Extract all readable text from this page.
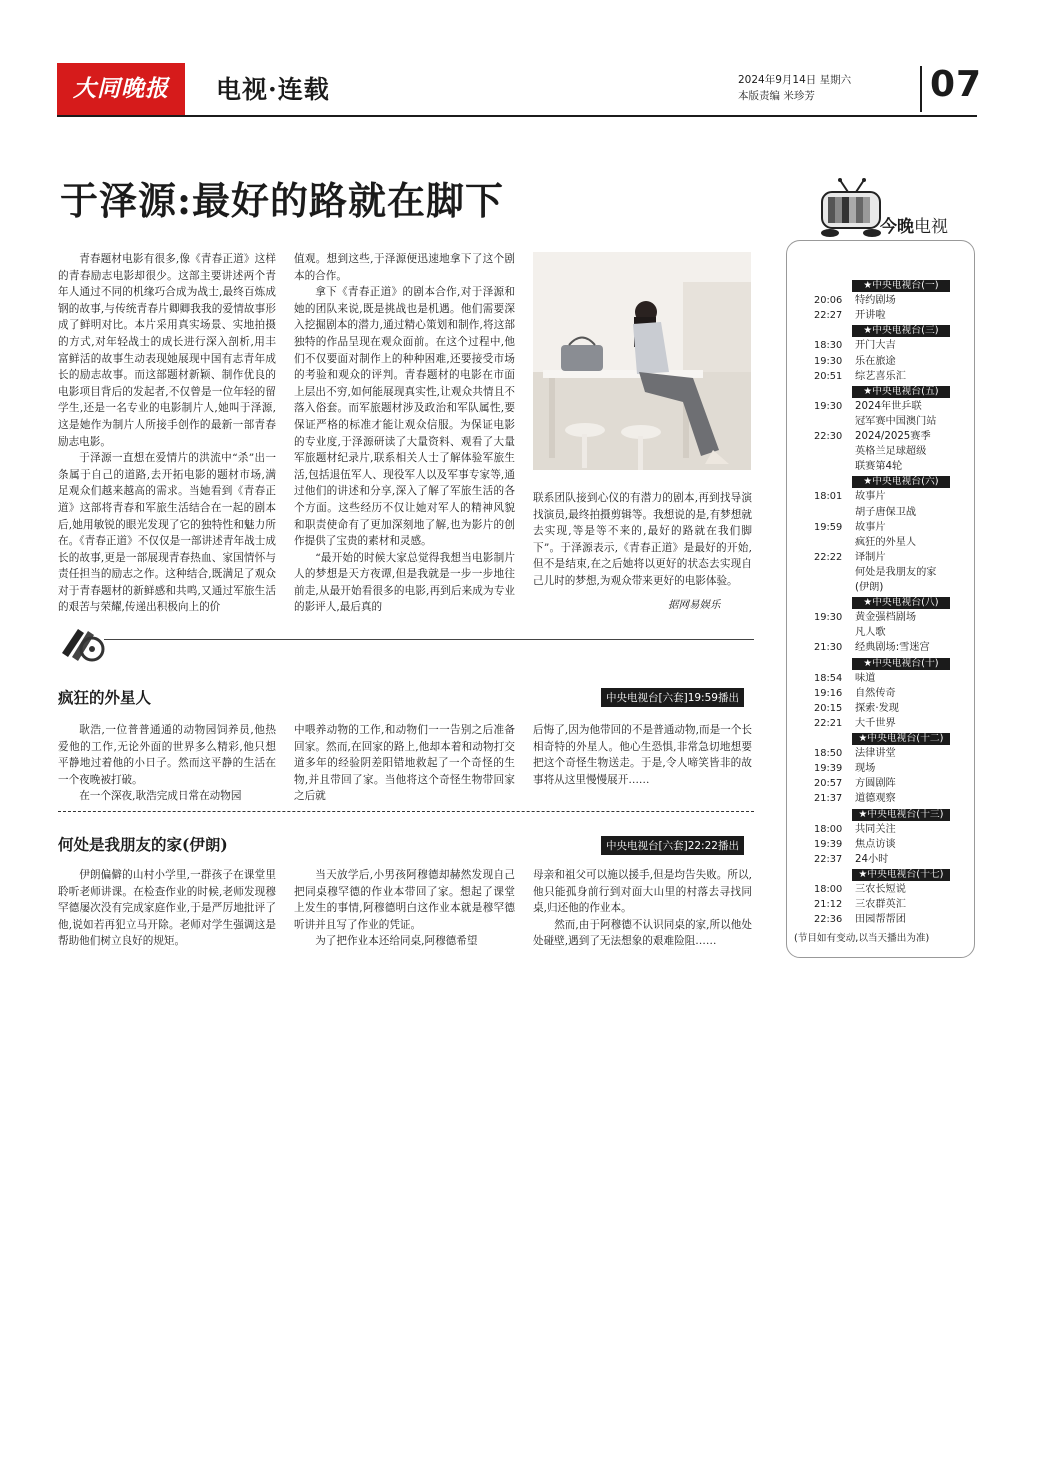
大同晚报	电视·连载	2024年9月14日 星期六
本版责编 米珍芳	07
于泽源:最好的路就在脚下

青春题材电影有很多,像《青春正道》这样的青春励志电影却很少。这部主要讲述两个青年人通过不同的机缘巧合成为战士,最终百炼成钢的故事,与传统青春片卿卿我我的爱情故事形成了鲜明对比。本片采用真实场景、实地拍摄的方式,对年轻战士的成长进行深入剖析,用丰富鲜活的故事生动表现她展现中国有志青年成长的励志故事。而这部题材新颖、制作优良的电影项目背后的发起者,不仅曾是一位年轻的留学生,还是一名专业的电影制片人,她叫于泽源,这是她作为制片人所接手创作的最新一部青春励志电影。

于泽源一直想在爱情片的洪流中“杀”出一条属于自己的道路,去开拓电影的题材市场,满足观众们越来越高的需求。当她看到《青春正道》这部将青春和军旅生活结合在一起的剧本后,她用敏锐的眼光发现了它的独特性和魅力所在。《青春正道》不仅仅是一部讲述青年战士成长的故事,更是一部展现青春热血、家国情怀与责任担当的励志之作。这种结合,既满足了观众对于青春题材的新鲜感和共鸣,又通过军旅生活的艰苦与荣耀,传递出积极向上的价

值观。想到这些,于泽源便迅速地拿下了这个剧本的合作。

拿下《青春正道》的剧本合作,对于泽源和她的团队来说,既是挑战也是机遇。他们需要深入挖掘剧本的潜力,通过精心策划和制作,将这部独特的作品呈现在观众面前。在这个过程中,他们不仅要面对制作上的种种困难,还要接受市场的考验和观众的评判。青春题材的电影在市面上层出不穷,如何能展现真实性,让观众共情且不落入俗套。而军旅题材涉及政治和军队属性,要保证严格的标准才能让观众信服。为保证电影的专业度,于泽源研读了大量资料、观看了大量军旅题材纪录片,联系相关人士了解体验军旅生活,包括退伍军人、现役军人以及军事专家等,通过他们的讲述和分享,深入了解了军旅生活的各个方面。这些经历不仅让她对军人的精神风貌和职责使命有了更加深刻地了解,也为影片的创作提供了宝贵的素材和灵感。

“最开始的时候大家总觉得我想当电影制片人的梦想是天方夜谭,但是我就是一步一步地往前走,从最开始看很多的电影,再到后来成为专业的影评人,最后真的

联系团队接到心仪的有潜力的剧本,再到找导演找演员,最终拍摄剪辑等。我想说的是,有梦想就去实现,等是等不来的,最好的路就在我们脚下”。于泽源表示,《青春正道》是最好的开始,但不是结束,在之后她将以更好的状态去实现自己儿时的梦想,为观众带来更好的电影体验。

据网易娱乐
疯狂的外星人	中央电视台[六套]19:59播出

耿浩,一位普普通通的动物园饲养员,他热爱他的工作,无论外面的世界多么精彩,他只想平静地过着他的小日子。然而这平静的生活在一个夜晚被打破。

在一个深夜,耿浩完成日常在动物园

中喂养动物的工作,和动物们一一告别之后准备回家。然而,在回家的路上,他却本着和动物打交道多年的经验阴差阳错地救起了一个奇怪的生物,并且带回了家。当他将这个奇怪生物带回家之后就

后悔了,因为他带回的不是普通动物,而是一个长相奇特的外星人。他心生恐惧,非常急切地想要把这个奇怪生物送走。于是,令人啼笑皆非的故事将从这里慢慢展开……

何处是我朋友的家(伊朗)	中央电视台[六套]22:22播出

伊朗偏僻的山村小学里,一群孩子在课堂里聆听老师讲课。在检查作业的时候,老师发现穆罕德屡次没有完成家庭作业,于是严厉地批评了他,说如若再犯立马开除。老师对学生强调这是帮助他们树立良好的规矩。

当天放学后,小男孩阿穆德却赫然发现自己把同桌穆罕德的作业本带回了家。想起了课堂上发生的事情,阿穆德明白这作业本就是穆罕德听讲并且写了作业的凭证。

为了把作业本还给同桌,阿穆德希望

母亲和祖父可以施以援手,但是均告失败。所以,他只能孤身前行到对面大山里的村落去寻找同桌,归还他的作业本。

然而,由于阿穆德不认识同桌的家,所以他处处碰壁,遇到了无法想象的艰难险阻……

今晚电视
★中央电视台(一)
20:06 特约剧场
22:27 开讲啦
★中央电视台(三)
18:30 开门大吉
19:30 乐在旅途
20:51 综艺喜乐汇
★中央电视台(五)
19:30 2024年世乒联
冠军赛中国澳门站
22:30 2024/2025赛季
英格兰足球超级
联赛第4轮
★中央电视台(六)
18:01 故事片
胡子唐保卫战
19:59 故事片
疯狂的外星人
22:22 译制片
何处是我朋友的家
(伊朗)
★中央电视台(八)
19:30 黄金强档剧场
凡人歌
21:30 经典剧场:雪迷宫
★中央电视台(十)
18:54 味道
19:16 自然传奇
20:15 探索·发现
22:21 大千世界
★中央电视台(十二)
18:50 法律讲堂
19:39 现场
20:57 方圆剧阵
21:37 道德观察
★中央电视台(十三)
18:00 共同关注
19:39 焦点访谈
22:37 24小时
★中央电视台(十七)
18:00 三农长短说
21:12 三农群英汇
22:36 田园帮帮团
(节目如有变动,以当天播出为准)
